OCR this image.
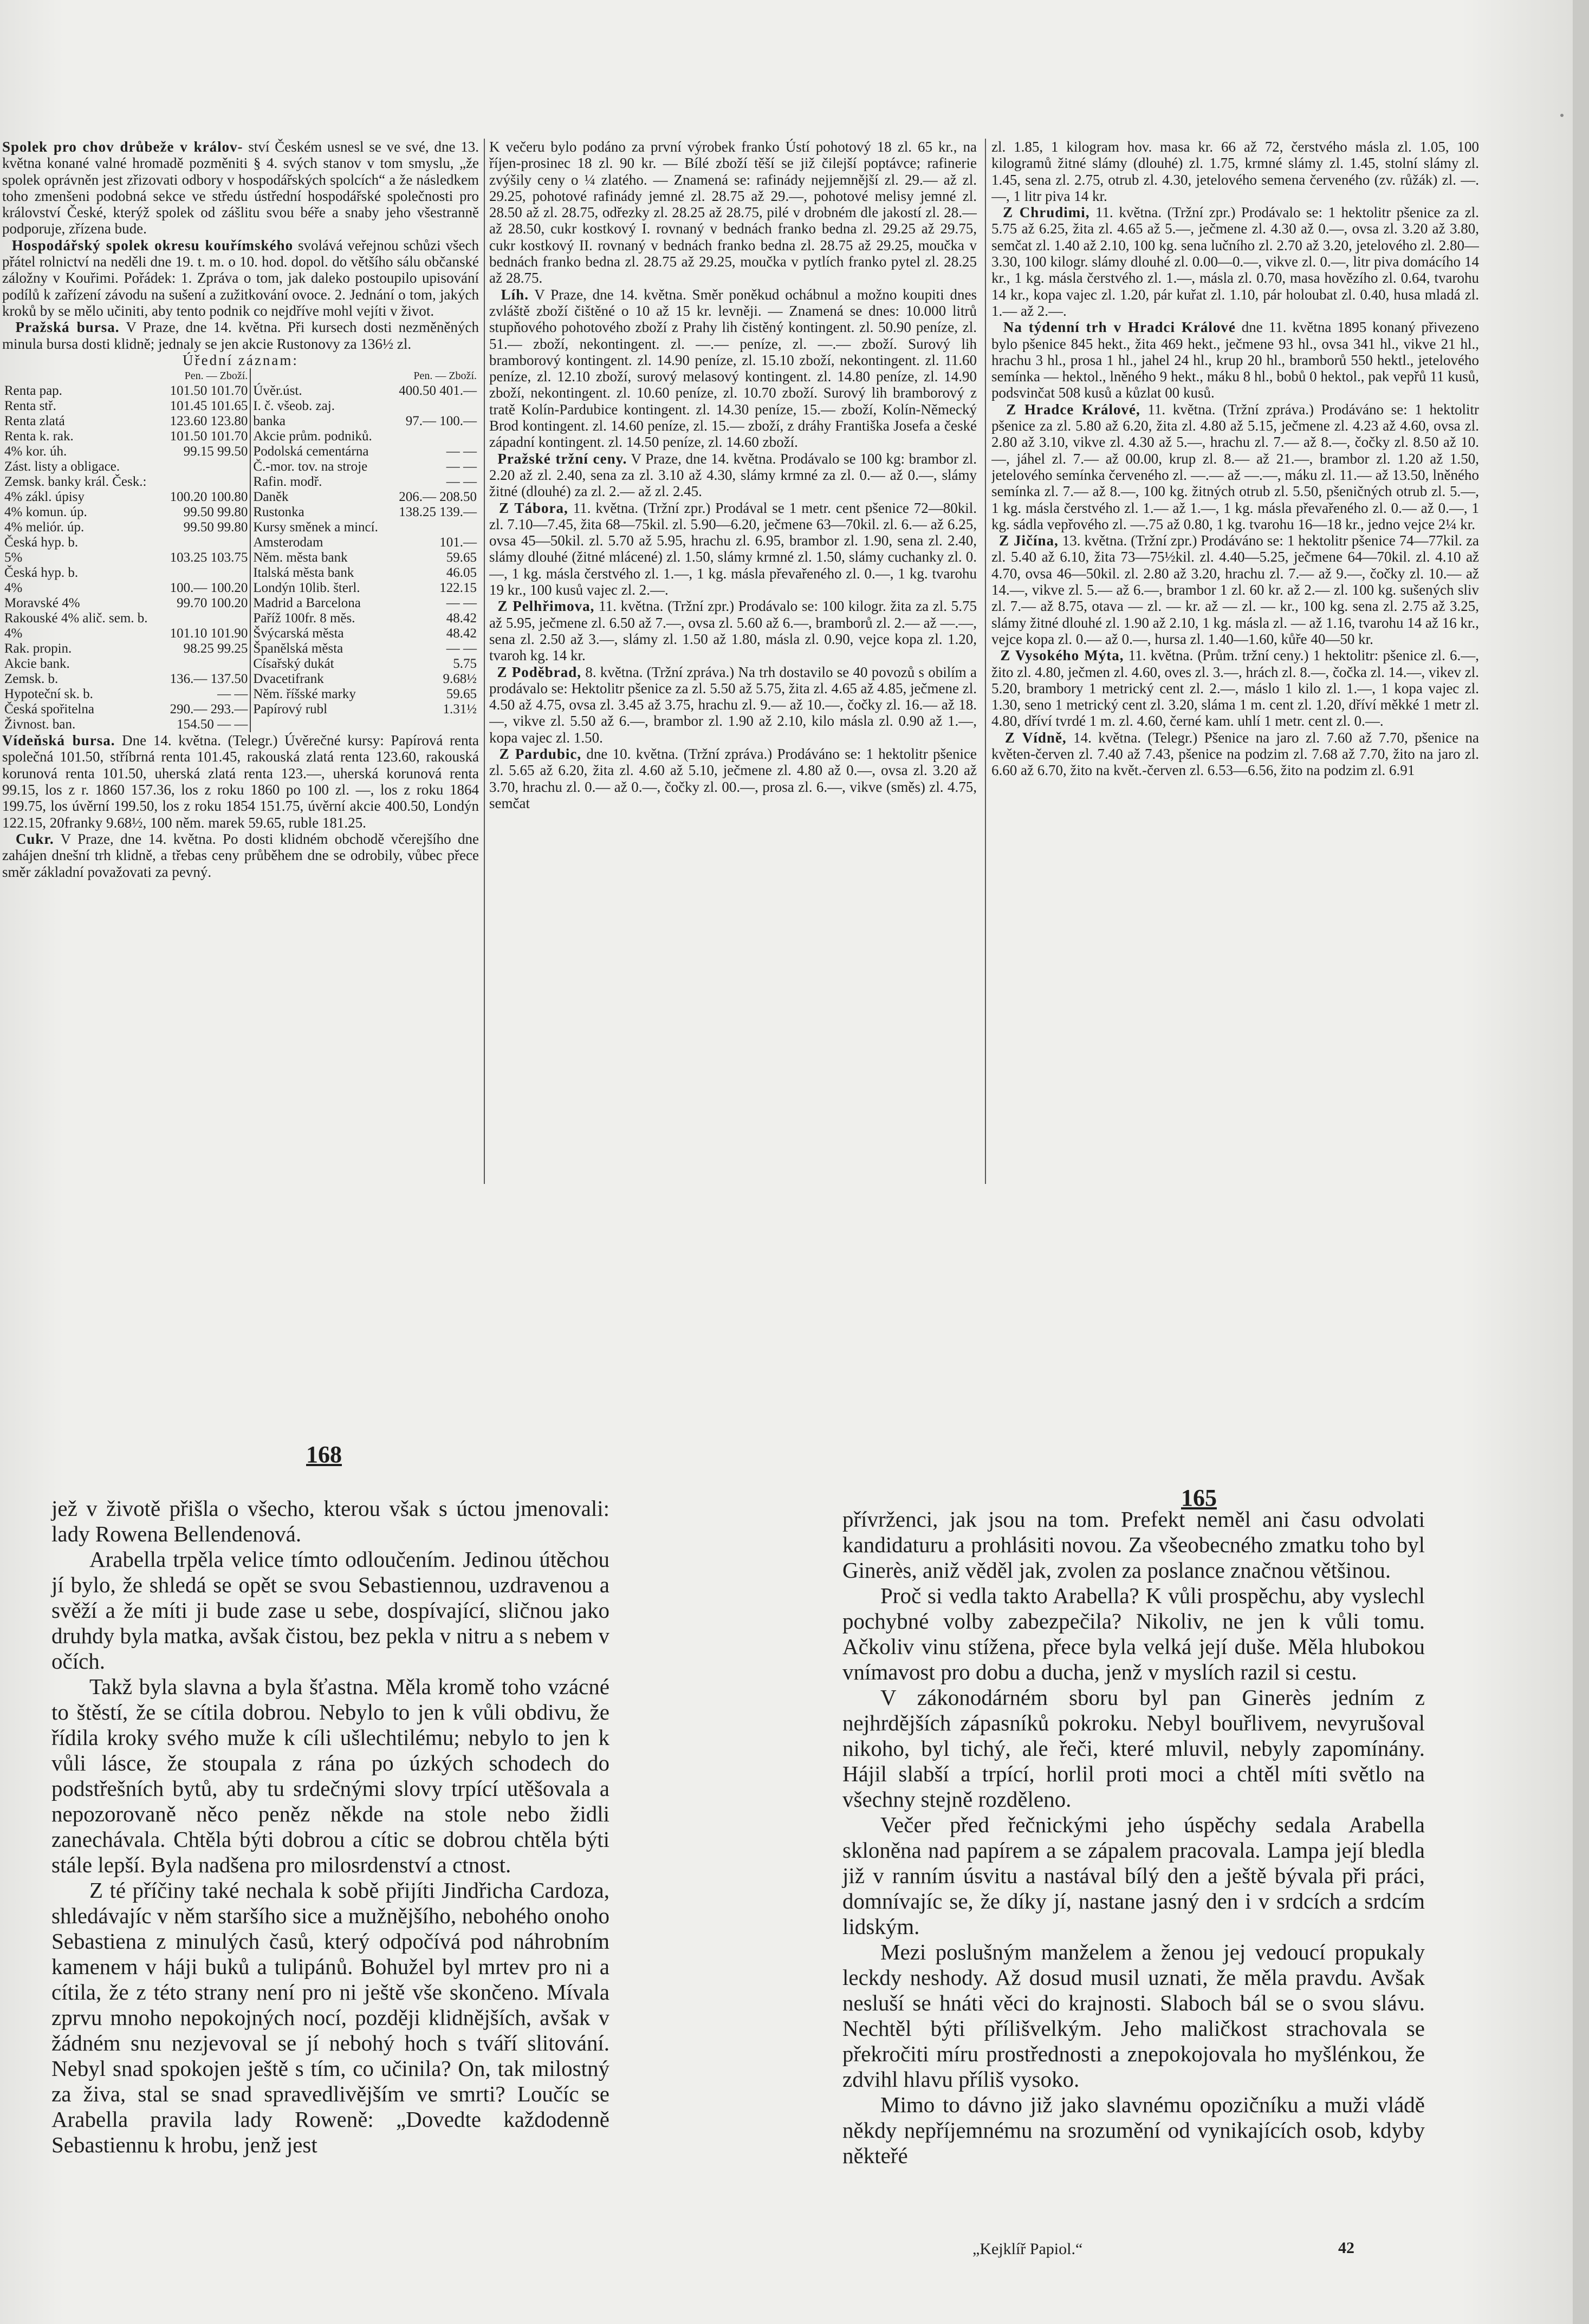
Spolek pro chov drůbeže v králov- ství Českém usnesl se ve své, dne 13. května konané valné hromadě pozměniti § 4. svých stanov v tom smyslu, „že spolek oprávněn jest zřizovati odbory v hospodářských spolcích“ a že následkem toho zmenšeni podobná sekce ve středu ústřední hospodářské společnosti pro království České, kterýž spolek od zášlitu svou béře a snaby jeho všestranně podporuje, zřízena bude.

Hospodářský spolek okresu kouřímského svolává veřejnou schůzi všech přátel rolnictví na neděli dne 19. t. m. o 10. hod. dopol. do většího sálu občanské záložny v Kouřimi. Pořádek: 1. Zpráva o tom, jak daleko postoupilo upisování podílů k zařízení závodu na sušení a zužitkování ovoce. 2. Jednání o tom, jakých kroků by se mělo učiniti, aby tento podnik co nejdříve mohl vejíti v život.

Pražská bursa. V Praze, dne 14. května. Při kursech dosti nezměněných minula bursa dosti klidně; jednaly se jen akcie Rustonovy za 136½ zl.

Úřední záznam:
	Pen. — Zboží.		Pen. — Zboží.
Renta pap.	101.50 101.70	Úvěr.úst.	400.50 401.—
Renta stř.	101.45 101.65	I. č. všeob. zaj.	
Renta zlatá	123.60 123.80	banka	97.— 100.—
Renta k. rak.	101.50 101.70	Akcie prům. podniků.	
4% kor. úh.	99.15 99.50	Podolská cementárna	— —
Zást. listy a obligace.		Č.-mor. tov. na stroje	— —
Zemsk. banky král. Česk.:		Rafin. modř.	— —
4% zákl. úpisy	100.20 100.80	Daněk	206.— 208.50
4% komun. úp.	99.50 99.80	Rustonka	138.25 139.—
4% meliór. úp.	99.50 99.80	Kursy směnek a mincí.	
Česká hyp. b.		Amsterodam	101.—
5%	103.25 103.75	Něm. města bank	59.65
Česká hyp. b.		Italská města bank	46.05
4%	100.— 100.20	Londýn 10lib. šterl.	122.15
Moravské 4%	99.70 100.20	Madrid a Barcelona	— —
Rakouské 4% alič. sem. b.		Paříž 100fr. 8 měs.	48.42
4%	101.10 101.90	Švýcarská města	48.42
Rak. propin.	98.25 99.25	Španělská města	— —
Akcie bank.		Císařský dukát	5.75
Zemsk. b.	136.— 137.50	Dvacetifrank	9.68½
Hypoteční sk. b.	— —	Něm. říšské marky	59.65
Česká spořitelna	290.— 293.—	Papírový rubl	1.31½
Živnost. ban.	154.50 — —		

Vídeňská bursa. Dne 14. května. (Telegr.) Úvěrečné kursy: Papírová renta společná 101.50, stříbrná renta 101.45, rakouská zlatá renta 123.60, rakouská korunová renta 101.50, uherská zlatá renta 123.—, uherská korunová renta 99.15, los z r. 1860 157.36, los z roku 1860 po 100 zl. —, los z roku 1864 199.75, los úvěrní 199.50, los z roku 1854 151.75, úvěrní akcie 400.50, Londýn 122.15, 20franky 9.68½, 100 něm. marek 59.65, ruble 181.25.

Cukr. V Praze, dne 14. května. Po dosti klidném obchodě včerejšího dne zahájen dnešní trh klidně, a třebas ceny průběhem dne se odrobily, vůbec přece směr základní považovati za pevný.

K večeru bylo podáno za první výrobek franko Ústí pohotový 18 zl. 65 kr., na říjen-prosinec 18 zl. 90 kr. — Bílé zboží těší se již čilejší poptávce; rafinerie zvýšily ceny o ¼ zlatého. — Znamená se: rafinády nejjemnější zl. 29.— až zl. 29.25, pohotové rafinády jemné zl. 28.75 až 29.—, pohotové melisy jemné zl. 28.50 až zl. 28.75, odřezky zl. 28.25 až 28.75, pilé v drobném dle jakostí zl. 28.— až 28.50, cukr kostkový I. rovnaný v bednách franko bedna zl. 29.25 až 29.75, cukr kostkový II. rovnaný v bednách franko bedna zl. 28.75 až 29.25, moučka v bednách franko bedna zl. 28.75 až 29.25, moučka v pytlích franko pytel zl. 28.25 až 28.75.

Líh. V Praze, dne 14. května. Směr poněkud ochábnul a možno koupiti dnes zvláště zboží čištěné o 10 až 15 kr. levněji. — Znamená se dnes: 10.000 litrů stupňového pohotového zboží z Prahy lih čistěný kontingent. zl. 50.90 peníze, zl. 51.— zboží, nekontingent. zl. —.— peníze, zl. —.— zboží. Surový lih bramborový kontingent. zl. 14.90 peníze, zl. 15.10 zboží, nekontingent. zl. 11.60 peníze, zl. 12.10 zboží, surový melasový kontingent. zl. 14.80 peníze, zl. 14.90 zboží, nekontingent. zl. 10.60 peníze, zl. 10.70 zboží. Surový lih bramborový z tratě Kolín-Pardubice kontingent. zl. 14.30 peníze, 15.— zboží, Kolín-Německý Brod kontingent. zl. 14.60 peníze, zl. 15.— zboží, z dráhy Františka Josefa a české západní kontingent. zl. 14.50 peníze, zl. 14.60 zboží.

Pražské tržní ceny. V Praze, dne 14. května. Prodávalo se 100 kg: brambor zl. 2.20 až zl. 2.40, sena za zl. 3.10 až 4.30, slámy krmné za zl. 0.— až 0.—, slámy žitné (dlouhé) za zl. 2.— až zl. 2.45.

Z Tábora, 11. května. (Tržní zpr.) Prodával se 1 metr. cent pšenice 72—80kil. zl. 7.10—7.45, žita 68—75kil. zl. 5.90—6.20, ječmene 63—70kil. zl. 6.— až 6.25, ovsa 45—50kil. zl. 5.70 až 5.95, hrachu zl. 6.95, brambor zl. 1.90, sena zl. 2.40, slámy dlouhé (žitné mlácené) zl. 1.50, slámy krmné zl. 1.50, slámy cuchanky zl. 0.—, 1 kg. másla čerstvého zl. 1.—, 1 kg. másla převařeného zl. 0.—, 1 kg. tvarohu 19 kr., 100 kusů vajec zl. 2.—.

Z Pelhřimova, 11. května. (Tržní zpr.) Prodávalo se: 100 kilogr. žita za zl. 5.75 až 5.95, ječmene zl. 6.50 až 7.—, ovsa zl. 5.60 až 6.—, bramborů zl. 2.— až —.—, sena zl. 2.50 až 3.—, slámy zl. 1.50 až 1.80, másla zl. 0.90, vejce kopa zl. 1.20, tvaroh kg. 14 kr.

Z Poděbrad, 8. května. (Tržní zpráva.) Na trh dostavilo se 40 povozů s obilím a prodávalo se: Hektolitr pšenice za zl. 5.50 až 5.75, žita zl. 4.65 až 4.85, ječmene zl. 4.50 až 4.75, ovsa zl. 3.45 až 3.75, hrachu zl. 9.— až 10.—, čočky zl. 16.— až 18.—, vikve zl. 5.50 až 6.—, brambor zl. 1.90 až 2.10, kilo másla zl. 0.90 až 1.—, kopa vajec zl. 1.50.

Z Pardubic, dne 10. května. (Tržní zpráva.) Prodáváno se: 1 hektolitr pšenice zl. 5.65 až 6.20, žita zl. 4.60 až 5.10, ječmene zl. 4.80 až 0.—, ovsa zl. 3.20 až 3.70, hrachu zl. 0.— až 0.—, čočky zl. 00.—, prosa zl. 6.—, vikve (směs) zl. 4.75, semčat

zl. 1.85, 1 kilogram hov. masa kr. 66 až 72, čerstvého másla zl. 1.05, 100 kilogramů žitné slámy (dlouhé) zl. 1.75, krmné slámy zl. 1.45, stolní slámy zl. 1.45, sena zl. 2.75, otrub zl. 4.30, jetelového semena červeného (zv. růžák) zl. —.—, 1 litr piva 14 kr.

Z Chrudimi, 11. května. (Tržní zpr.) Prodávalo se: 1 hektolitr pšenice za zl. 5.75 až 6.25, žita zl. 4.65 až 5.—, ječmene zl. 4.30 až 0.—, ovsa zl. 3.20 až 3.80, semčat zl. 1.40 až 2.10, 100 kg. sena lučního zl. 2.70 až 3.20, jetelového zl. 2.80—3.30, 100 kilogr. slámy dlouhé zl. 0.00—0.—, vikve zl. 0.—, litr piva domácího 14 kr., 1 kg. másla čerstvého zl. 1.—, másla zl. 0.70, masa hovězího zl. 0.64, tvarohu 14 kr., kopa vajec zl. 1.20, pár kuřat zl. 1.10, pár holoubat zl. 0.40, husa mladá zl. 1.— až 2.—.

Na týdenní trh v Hradci Králové dne 11. května 1895 konaný přivezeno bylo pšenice 845 hekt., žita 469 hekt., ječmene 93 hl., ovsa 341 hl., vikve 21 hl., hrachu 3 hl., prosa 1 hl., jahel 24 hl., krup 20 hl., bramborů 550 hektl., jetelového semínka — hektol., lněného 9 hekt., máku 8 hl., bobů 0 hektol., pak vepřů 11 kusů, podsvinčat 508 kusů a kůzlat 00 kusů.

Z Hradce Králové, 11. května. (Tržní zpráva.) Prodáváno se: 1 hektolitr pšenice za zl. 5.80 až 6.20, žita zl. 4.80 až 5.15, ječmene zl. 4.23 až 4.60, ovsa zl. 2.80 až 3.10, vikve zl. 4.30 až 5.—, hrachu zl. 7.— až 8.—, čočky zl. 8.50 až 10.—, jáhel zl. 7.— až 00.00, krup zl. 8.— až 21.—, brambor zl. 1.20 až 1.50, jetelového semínka červeného zl. —.— až —.—, máku zl. 11.— až 13.50, lněného semínka zl. 7.— až 8.—, 100 kg. žitných otrub zl. 5.50, pšeničných otrub zl. 5.—, 1 kg. másla čerstvého zl. 1.— až 1.—, 1 kg. másla převařeného zl. 0.— až 0.—, 1 kg. sádla vepřového zl. —.75 až 0.80, 1 kg. tvarohu 16—18 kr., jedno vejce 2¼ kr.

Z Jičína, 13. května. (Tržní zpr.) Prodáváno se: 1 hektolitr pšenice 74—77kil. za zl. 5.40 až 6.10, žita 73—75½kil. zl. 4.40—5.25, ječmene 64—70kil. zl. 4.10 až 4.70, ovsa 46—50kil. zl. 2.80 až 3.20, hrachu zl. 7.— až 9.—, čočky zl. 10.— až 14.—, vikve zl. 5.— až 6.—, brambor 1 zl. 60 kr. až 2.— zl. 100 kg. sušených sliv zl. 7.— až 8.75, otava — zl. — kr. až — zl. — kr., 100 kg. sena zl. 2.75 až 3.25, slámy žitné dlouhé zl. 1.90 až 2.10, 1 kg. másla zl. — až 1.16, tvarohu 14 až 16 kr., vejce kopa zl. 0.— až 0.—, hursa zl. 1.40—1.60, kůře 40—50 kr.

Z Vysokého Mýta, 11. května. (Prům. tržní ceny.) 1 hektolitr: pšenice zl. 6.—, žito zl. 4.80, ječmen zl. 4.60, oves zl. 3.—, hrách zl. 8.—, čočka zl. 14.—, vikev zl. 5.20, brambory 1 metrický cent zl. 2.—, máslo 1 kilo zl. 1.—, 1 kopa vajec zl. 1.30, seno 1 metrický cent zl. 3.20, sláma 1 m. cent zl. 1.20, dříví měkké 1 metr zl. 4.80, dříví tvrdé 1 m. zl. 4.60, černé kam. uhlí 1 metr. cent zl. 0.—.

Z Vídně, 14. května. (Telegr.) Pšenice na jaro zl. 7.60 až 7.70, pšenice na květen-červen zl. 7.40 až 7.43, pšenice na podzim zl. 7.68 až 7.70, žito na jaro zl. 6.60 až 6.70, žito na květ.-červen zl. 6.53—6.56, žito na podzim zl. 6.91

168
165

jež v životě přišla o všecho, kterou však s úctou jmenovali: lady Rowena Bellendenová.

Arabella trpěla velice tímto odloučením. Jedinou útěchou jí bylo, že shledá se opět se svou Sebastiennou, uzdravenou a svěží a že míti ji bude zase u sebe, dospívající, sličnou jako druhdy byla matka, avšak čistou, bez pekla v nitru a s nebem v očích.

Takž byla slavna a byla šťastna. Měla kromě toho vzácné to štěstí, že se cítila dobrou. Nebylo to jen k vůli obdivu, že řídila kroky svého muže k cíli ušlechtilému; nebylo to jen k vůli lásce, že stoupala z rána po úzkých schodech do podstřešních bytů, aby tu srdečnými slovy trpící utěšovala a nepozorovaně něco peněz někde na stole nebo židli zanechávala. Chtěla býti dobrou a cític se dobrou chtěla býti stále lepší. Byla nadšena pro milosrdenství a ctnost.

Z té příčiny také nechala k sobě přijíti Jindřicha Cardoza, shledávajíc v něm staršího sice a mužnějšího, nebohého onoho Sebastiena z minulých časů, který odpočívá pod náhrobním kamenem v háji buků a tulipánů. Bohužel byl mrtev pro ni a cítila, že z této strany není pro ni ještě vše skončeno. Mívala zprvu mnoho nepokojných nocí, později klidnějších, avšak v žádném snu nezjevoval se jí nebohý hoch s tváří slitování. Nebyl snad spokojen ještě s tím, co učinila? On, tak milostný za živa, stal se snad spravedlivějším ve smrti? Loučíc se Arabella pravila lady Roweně: „Dovedte každodenně Sebastiennu k hrobu, jenž jest

přívrženci, jak jsou na tom. Prefekt neměl ani času odvolati kandidaturu a prohlásiti novou. Za všeobecného zmatku toho byl Ginerès, aniž věděl jak, zvolen za poslance značnou většinou.

Proč si vedla takto Arabella? K vůli prospěchu, aby vyslechl pochybné volby zabezpečila? Nikoliv, ne jen k vůli tomu. Ačkoliv vinu stížena, přece byla velká její duše. Měla hlubokou vnímavost pro dobu a ducha, jenž v myslích razil si cestu.

V zákonodárném sboru byl pan Ginerès jedním z nejhrdějších zápasníků pokroku. Nebyl bouřlivem, nevyrušoval nikoho, byl tichý, ale řeči, které mluvil, nebyly zapomínány. Hájil slabší a trpící, horlil proti moci a chtěl míti světlo na všechny stejně rozděleno.

Večer před řečnickými jeho úspěchy sedala Arabella skloněna nad papírem a se zápalem pracovala. Lampa její bledla již v ranním úsvitu a nastával bílý den a ještě bývala při práci, domnívajíc se, že díky jí, nastane jasný den i v srdcích a srdcím lidským.

Mezi poslušným manželem a ženou jej vedoucí propukaly leckdy neshody. Až dosud musil uznati, že měla pravdu. Avšak nesluší se hnáti věci do krajnosti. Slaboch bál se o svou slávu. Nechtěl býti přílišvelkým. Jeho maličkost strachovala se překročiti míru prostřednosti a znepokojovala ho myšlénkou, že zdvihl hlavu příliš vysoko.

Mimo to dávno již jako slavnému opozičníku a muži vládě někdy nepříjemnému na srozumění od vynikajících osob, kdyby někteřé

„Kejklíř Papiol.“	42
